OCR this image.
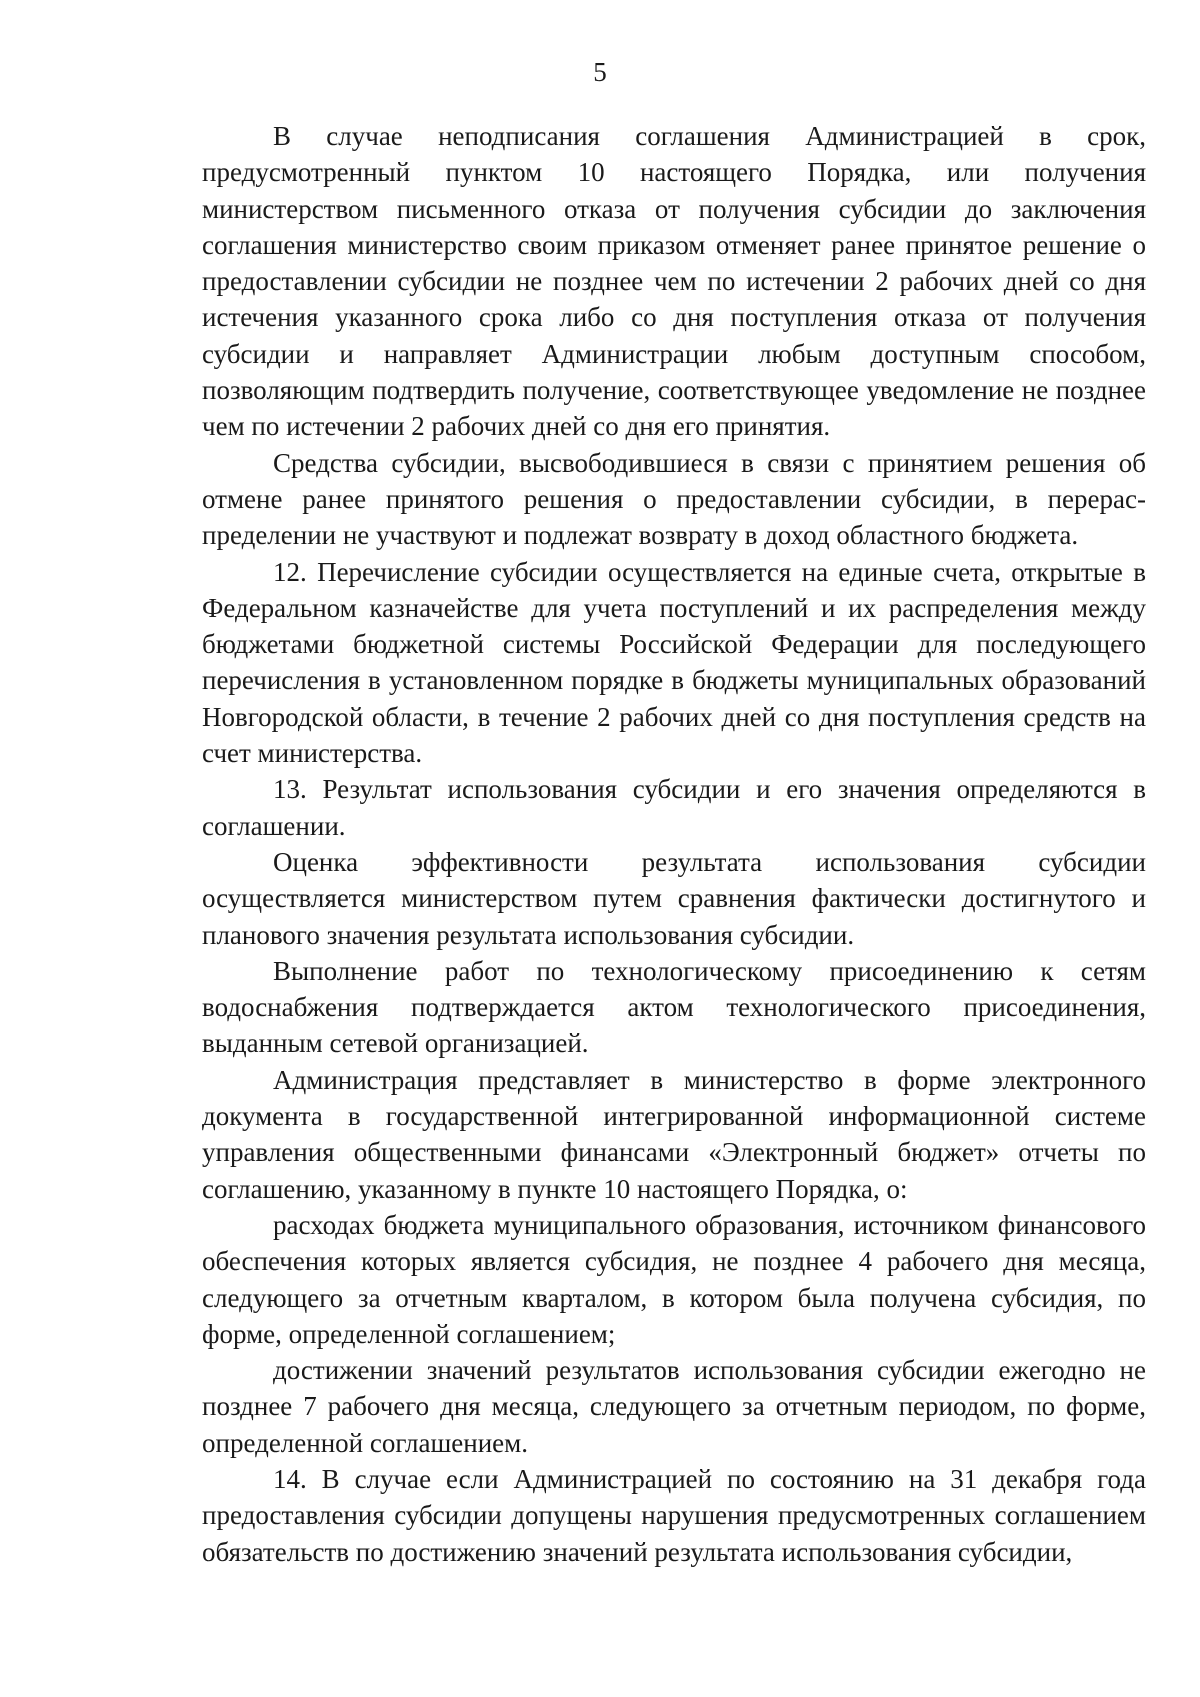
5

В случае неподписания соглашения Администрацией в срок, предусмотренный пунктом 10 настоящего Порядка, или получения министерством письменного отказа от получения субсидии до заключения соглашения министерство своим приказом отменяет ранее принятое решение о предоставлении субсидии не позднее чем по истечении 2 рабочих дней со дня истечения указанного срока либо со дня поступления отказа от получения субсидии и направляет Администрации любым доступным способом, позволяющим подтвердить получение, соответствующее уведомление не позднее чем по истечении 2 рабочих дней со дня его принятия.

Средства субсидии, высвободившиеся в связи с принятием решения об отмене ранее принятого решения о предоставлении субсидии, в перераспределении не участвуют и подлежат возврату в доход областного бюджета.

12. Перечисление субсидии осуществляется на единые счета, открытые в Федеральном казначействе для учета поступлений и их распределения между бюджетами бюджетной системы Российской Федерации для последующего перечисления в установленном порядке в бюджеты муниципальных образований Новгородской области, в течение 2 рабочих дней со дня поступления средств на счет министерства.

13. Результат использования субсидии и его значения определяются в соглашении.

Оценка эффективности результата использования субсидии осуществляется министерством путем сравнения фактически достигнутого и планового значения результата использования субсидии.

Выполнение работ по технологическому присоединению к сетям водоснабжения подтверждается актом технологического присоединения, выданным сетевой организацией.

Администрация представляет в министерство в форме электронного документа в государственной интегрированной информационной системе управления общественными финансами «Электронный бюджет» отчеты по соглашению, указанному в пункте 10 настоящего Порядка, о:

расходах бюджета муниципального образования, источником финансового обеспечения которых является субсидия, не позднее 4 рабочего дня месяца, следующего за отчетным кварталом, в котором была получена субсидия, по форме, определенной соглашением;

достижении значений результатов использования субсидии ежегодно не позднее 7 рабочего дня месяца, следующего за отчетным периодом, по форме, определенной соглашением.

14. В случае если Администрацией по состоянию на 31 декабря года предоставления субсидии допущены нарушения предусмотренных соглашением обязательств по достижению значений результата использования субсидии,
